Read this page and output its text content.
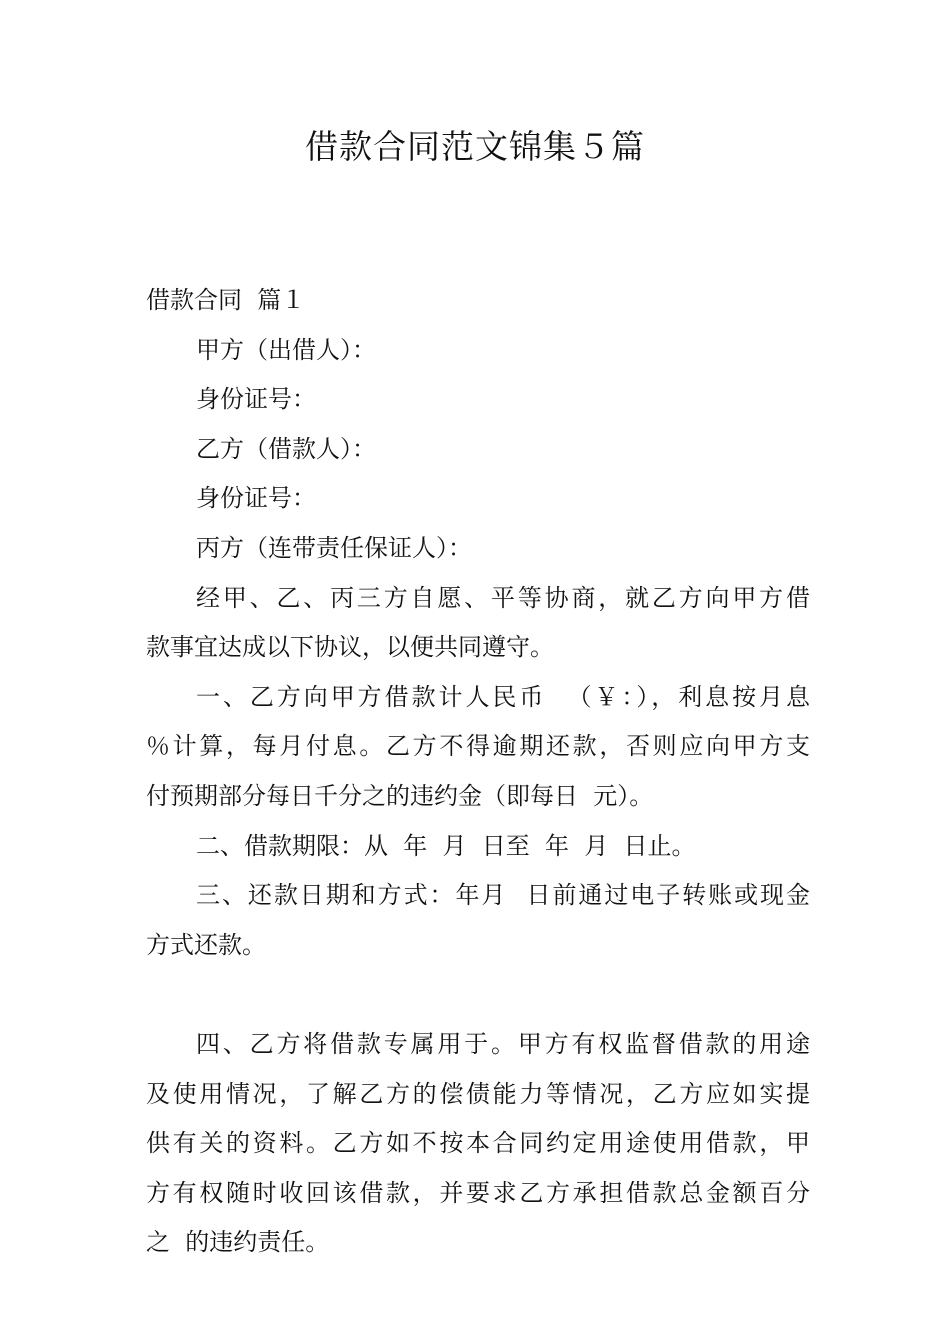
借款合同范文锦集５篇

借款合同  篇１

甲方（出借人）：

身份证号：

乙方（借款人）：

身份证号：

丙方（连带责任保证人）：

经甲、乙、丙三方自愿、平等协商，就乙方向甲方借

款事宜达成以下协议，以便共同遵守。

一、乙方向甲方借款计人民币  （￥：），利息按月息

％计算，每月付息。乙方不得逾期还款，否则应向甲方支

付预期部分每日千分之的违约金（即每日  元）。

二、借款期限：从  年  月  日至  年  月  日止。

三、还款日期和方式：年月  日前通过电子转账或现金

方式还款。

四、乙方将借款专属用于。甲方有权监督借款的用途

及使用情况，了解乙方的偿债能力等情况，乙方应如实提

供有关的资料。乙方如不按本合同约定用途使用借款，甲

方有权随时收回该借款，并要求乙方承担借款总金额百分

之  的违约责任。
